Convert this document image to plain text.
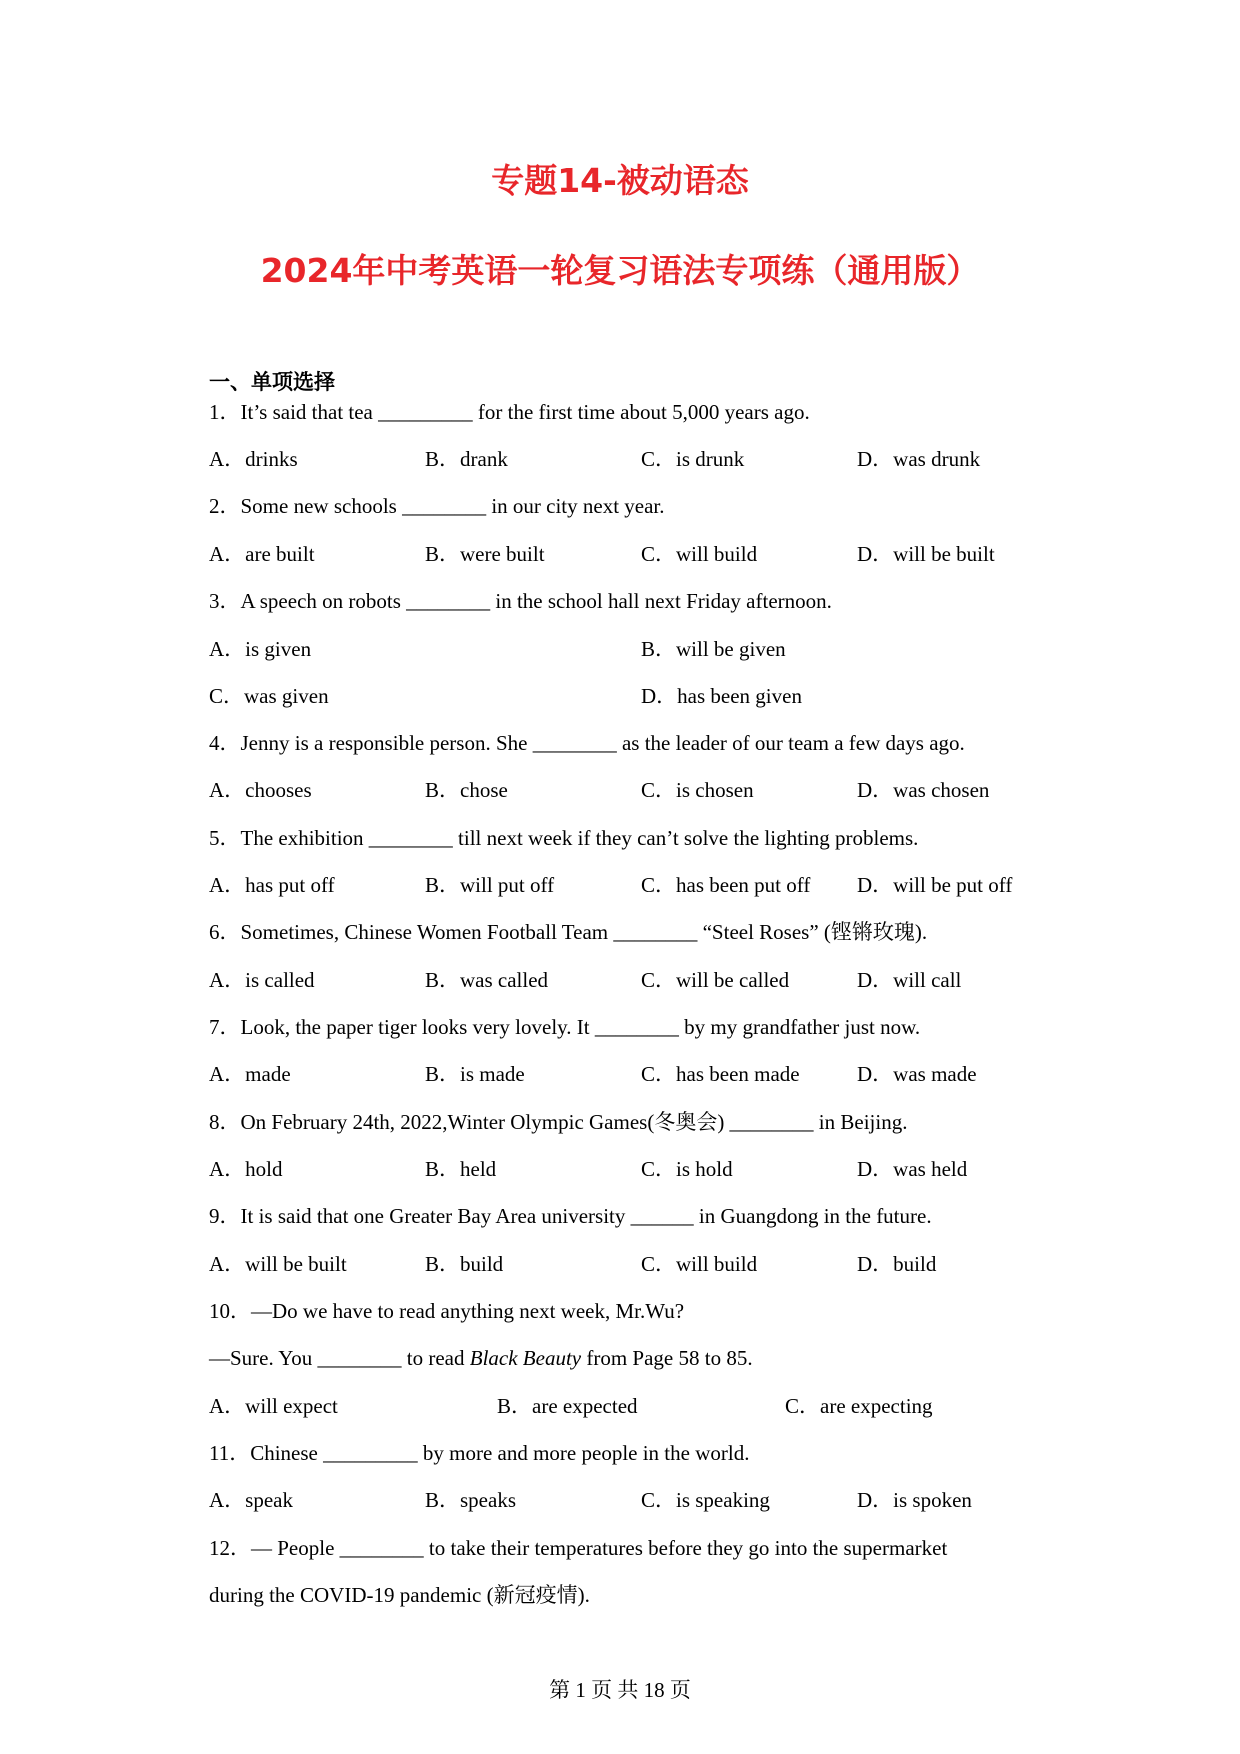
专题14-被动语态
2024年中考英语一轮复习语法专项练（通用版）
一、单项选择
1．It’s said that tea _________ for the first time about 5,000 years ago.
A．drinks	B．drank	C．is drunk	D．was drunk
2．Some new schools ________ in our city next year.
A．are built	B．were built	C．will build	D．will be built
3．A speech on robots ________ in the school hall next Friday afternoon.
A．is given	B．will be given
C．was given	D．has been given
4．Jenny is a responsible person. She ________ as the leader of our team a few days ago.
A．chooses	B．chose	C．is chosen	D．was chosen
5．The exhibition ________ till next week if they can’t solve the lighting problems.
A．has put off	B．will put off	C．has been put off D．will be put off
6．Sometimes, Chinese Women Football Team ________ “Steel Roses” (铿锵玫瑰).
A．is called	B．was called	C．will be called	D．will call
7．Look, the paper tiger looks very lovely. It ________ by my grandfather just now.
A．made	B．is made	C．has been made	D．was made
8．On February 24th, 2022,Winter Olympic Games(冬奥会) ________ in Beijing.
A．hold	B．held	C．is hold	D．was held
9．It is said that one Greater Bay Area university ______ in Guangdong in the future.
A．will be built	B．build	C．will build	D．build
10．—Do we have to read anything next week, Mr.Wu?
—Sure. You ________ to read Black Beauty from Page 58 to 85.
A．will expect	B．are expected	C．are expecting
11．Chinese _________ by more and more people in the world.
A．speak	B．speaks	C．is speaking	D．is spoken
12．— People ________ to take their temperatures before they go into the supermarket
during the COVID-19 pandemic (新冠疫情).
第 1 页 共 18 页
